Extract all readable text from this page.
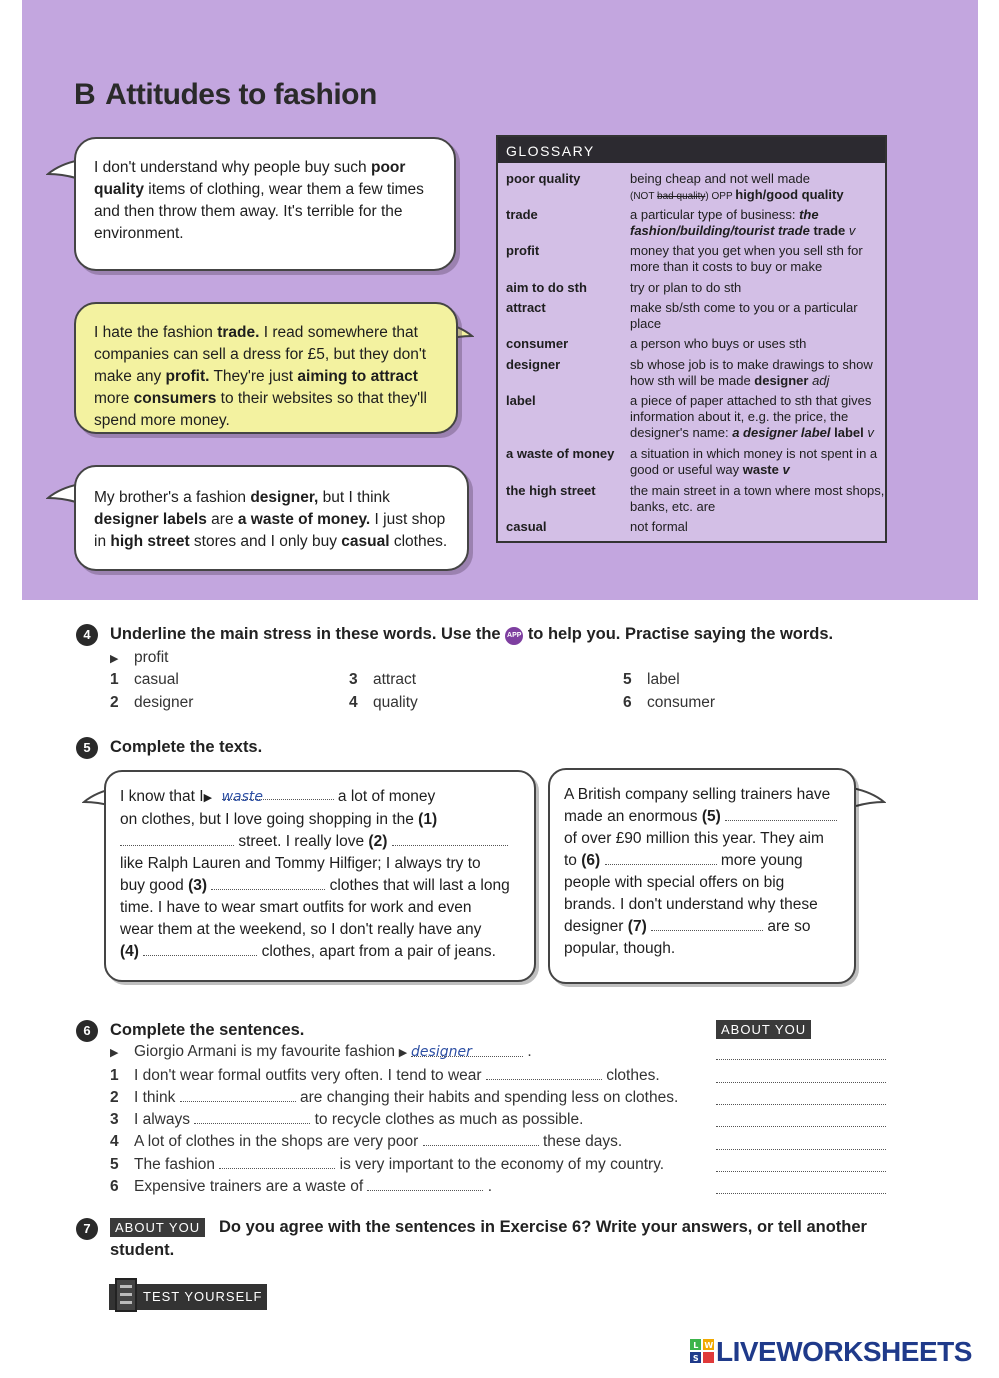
B Attitudes to fashion
I don't understand why people buy such poor quality items of clothing, wear them a few times and then throw them away. It's terrible for the environment.
I hate the fashion trade. I read somewhere that companies can sell a dress for £5, but they don't make any profit. They're just aiming to attract more consumers to their websites so that they'll spend more money.
My brother's a fashion designer, but I think designer labels are a waste of money. I just shop in high street stores and I only buy casual clothes.
GLOSSARY
poor quality	being cheap and not well made
(NOT bad quality) OPP high/good quality
trade	a particular type of business: the fashion/building/tourist trade trade v
profit	money that you get when you sell sth for more than it costs to buy or make
aim to do sth	try or plan to do sth
attract	make sb/sth come to you or a particular place
consumer	a person who buys or uses sth
designer	sb whose job is to make drawings to show how sth will be made designer adj
label	a piece of paper attached to sth that gives information about it, e.g. the price, the designer's name: a designer label label v
a waste of money	a situation in which money is not spent in a good or useful way waste v
the high street	the main street in a town where most shops, banks, etc. are
casual	not formal
4	Underline the main stress in these words. Use the APP to help you. Practise saying the words.
▶ profit
1 casual
2 designer
3 attract
4 quality
5 label
6 consumer
5	Complete the texts.
I know that I▶ waste	a lot of money
on clothes, but I love going shopping in the (1)
street. I really love (2)
like Ralph Lauren and Tommy Hilfiger; I always try to
buy good (3)	clothes that will last a long
time. I have to wear smart outfits for work and even
wear them at the weekend, so I don't really have any
(4)	clothes, apart from a pair of jeans.
A British company selling trainers have
made an enormous (5)
of over £90 million this year. They aim
to (6)	more young
people with special offers on big
brands. I don't understand why these
designer (7)	are so
popular, though.
6	Complete the sentences.	ABOUT YOU
▶ Giorgio Armani is my favourite fashion ▶ designer	.
1 I don't wear formal outfits very often. I tend to wear	clothes.
2 I think	are changing their habits and spending less on clothes.
3 I always	to recycle clothes as much as possible.
4 A lot of clothes in the shops are very poor	these days.
5 The fashion	is very important to the economy of my country.
6 Expensive trainers are a waste of	.
7	ABOUT YOU	Do you agree with the sentences in Exercise 6? Write your answers, or tell another
student.
TEST YOURSELF
L W
S LIVEWORKSHEETS
